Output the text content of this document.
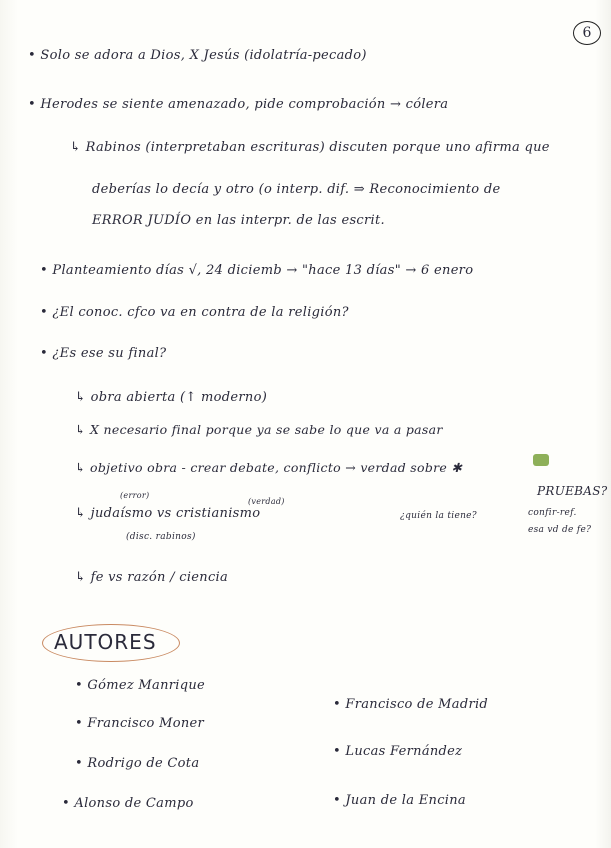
6
• Solo se adora a Dios, X Jesús (idolatría-pecado)
• Herodes se siente amenazado, pide comprobación → cólera
↳ Rabinos (interpretaban escrituras) discuten porque uno afirma que
deberías lo decía y otro (o interp. dif. ⇒ Reconocimiento de
ERROR JUDÍO en las interpr. de las escrit.
• Planteamiento días √, 24 diciemb → "hace 13 días" → 6 enero
• ¿El conoc. cfco va en contra de la religión?
• ¿Es ese su final?
↳ obra abierta (↑ moderno)
↳ X necesario final porque ya se sabe lo que va a pasar
↳ objetivo obra - crear debate, conflicto → verdad sobre ✱
¿quién la tiene?
(error)
(verdad)
↳ judaísmo vs cristianismo
(disc. rabinos)
PRUEBAS?
confir-ref.
esa vd de fe?
↳ fe vs razón / ciencia
AUTORES
• Gómez Manrique
• Francisco Moner
• Rodrigo de Cota
• Alonso de Campo
• Francisco de Madrid
• Lucas Fernández
• Juan de la Encina
